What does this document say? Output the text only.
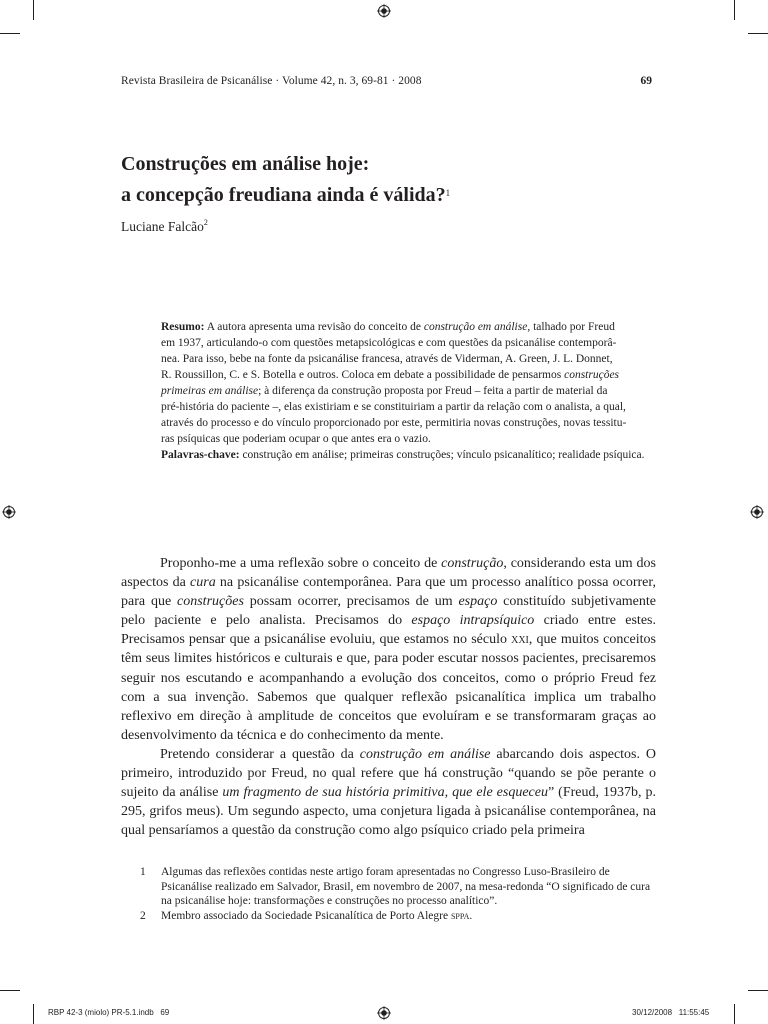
Revista Brasileira de Psicanálise · Volume 42, n. 3, 69-81 · 2008	69
Construções em análise hoje:
a concepção freudiana ainda é válida?$^1$
Luciane Falcão$^2$
Resumo: A autora apresenta uma revisão do conceito de construção em análise, talhado por Freud
em 1937, articulando-o com questões metapsicológicas e com questões da psicanálise contemporâ-
nea. Para isso, bebe na fonte da psicanálise francesa, através de Viderman, A. Green, J. L. Donnet,
R. Roussillon, C. e S. Botella e outros. Coloca em debate a possibilidade de pensarmos construções
primeiras em análise; à diferença da construção proposta por Freud – feita a partir de material da
pré-história do paciente –, elas existiriam e se constituiriam a partir da relação com o analista, a qual,
através do processo e do vínculo proporcionado por este, permitiria novas construções, novas tessitu-
ras psíquicas que poderiam ocupar o que antes era o vazio.
Palavras-chave: construção em análise; primeiras construções; vínculo psicanalítico; realidade psíquica.

Proponho-me a uma reflexão sobre o conceito de construção, considerando esta um dos aspectos da cura na psicanálise contemporânea. Para que um processo analítico possa ocorrer, para que construções possam ocorrer, precisamos de um espaço constituído subjetivamente pelo paciente e pelo analista. Precisamos do espaço intrapsíquico criado entre estes. Precisamos pensar que a psicanálise evoluiu, que estamos no século xxi, que muitos conceitos têm seus limites históricos e culturais e que, para poder escutar nossos pacientes, precisaremos seguir nos escutando e acompanhando a evolução dos conceitos, como o próprio Freud fez com a sua invenção. Sabemos que qualquer reflexão psicanalítica implica um trabalho reflexivo em direção à amplitude de conceitos que evoluíram e se transformaram graças ao desenvolvimento da técnica e do conhecimento da mente.

Pretendo considerar a questão da construção em análise abarcando dois aspectos. O primeiro, introduzido por Freud, no qual refere que há construção “quando se põe perante o sujeito da análise um fragmento de sua história primitiva, que ele esqueceu” (Freud, 1937b, p. 295, grifos meus). Um segundo aspecto, uma conjetura ligada à psicanálise contemporânea, na qual pensaríamos a questão da construção como algo psíquico criado pela primeira

1	Algumas das reflexões contidas neste artigo foram apresentadas no Congresso Luso-Brasileiro de Psicanálise realizado em Salvador, Brasil, em novembro de 2007, na mesa-redonda “O significado de cura na psicanálise hoje: transformações e construções no processo analítico”.
2	Membro associado da Sociedade Psicanalítica de Porto Alegre sppa.
RBP 42-3 (miolo) PR-5.1.indb   69	30/12/2008   11:55:45
